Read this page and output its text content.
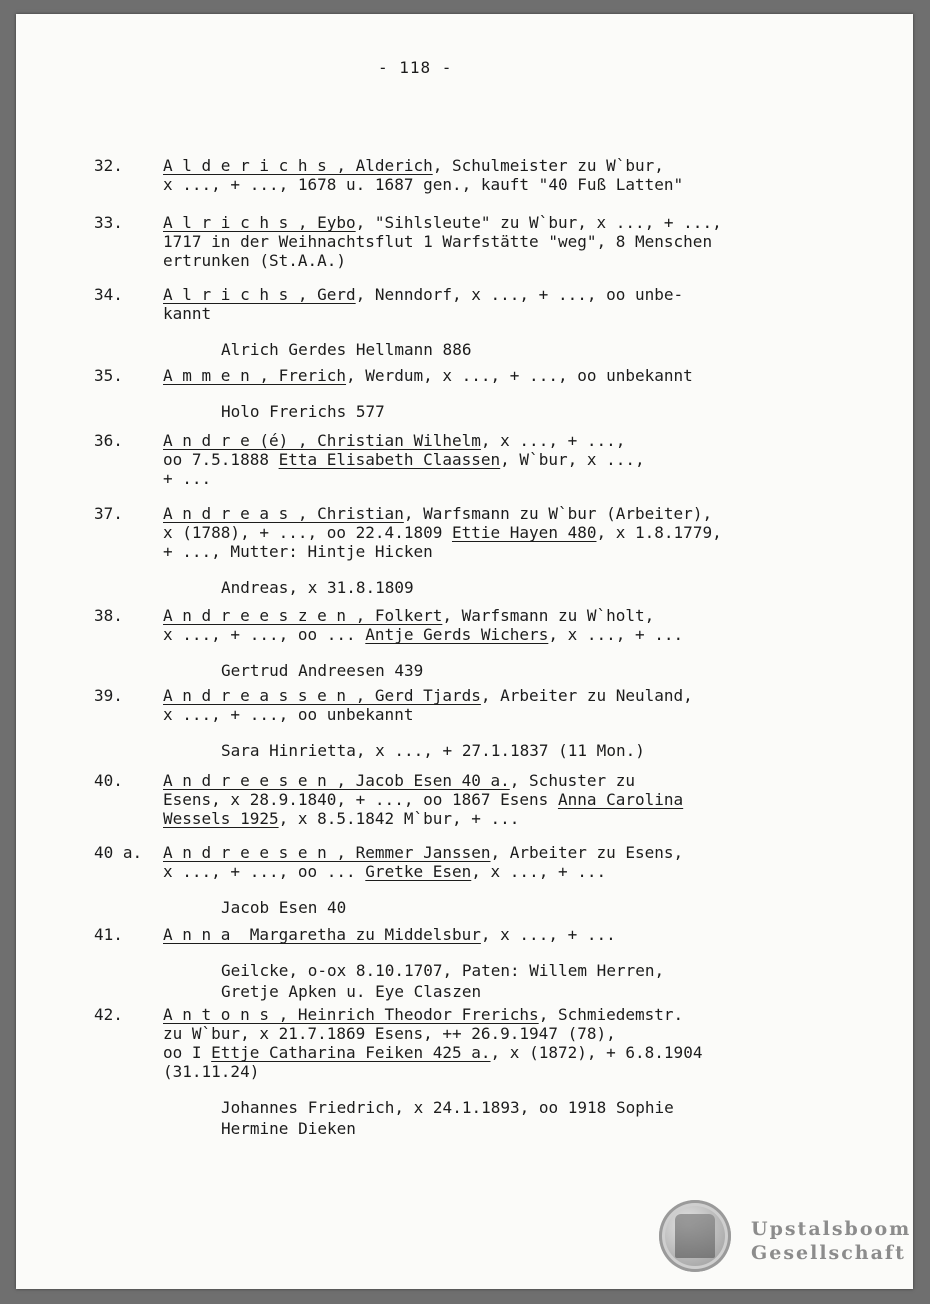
- 118 -
32.	A l d e r i c h s , Alderich, Schulmeister zu W`bur,
x ..., + ..., 1678 u. 1687 gen., kauft "40 Fuß Latten"
33.	A l r i c h s , Eybo, "Sihlsleute" zu W`bur, x ..., + ...,
1717 in der Weihnachtsflut 1 Warfstätte "weg", 8 Menschen
ertrunken (St.A.A.)
34.	A l r i c h s , Gerd, Nenndorf, x ..., + ..., oo unbe-
kannt
Alrich Gerdes Hellmann 886
35.	A m m e n , Frerich, Werdum, x ..., + ..., oo unbekannt
Holo Frerichs 577
36.	A n d r e (é) , Christian Wilhelm, x ..., + ...,
oo 7.5.1888 Etta Elisabeth Claassen, W`bur, x ...,
+ ...
37.	A n d r e a s , Christian, Warfsmann zu W`bur (Arbeiter),
x (1788), + ..., oo 22.4.1809 Ettie Hayen 480, x 1.8.1779,
+ ..., Mutter: Hintje Hicken
Andreas, x 31.8.1809
38.	A n d r e e s z e n , Folkert, Warfsmann zu W`holt,
x ..., + ..., oo ... Antje Gerds Wichers, x ..., + ...
Gertrud Andreesen 439
39.	A n d r e a s s e n , Gerd Tjards, Arbeiter zu Neuland,
x ..., + ..., oo unbekannt
Sara Hinrietta, x ..., + 27.1.1837 (11 Mon.)
40.	A n d r e e s e n , Jacob Esen 40 a., Schuster zu
Esens, x 28.9.1840, + ..., oo 1867 Esens Anna Carolina
Wessels 1925, x 8.5.1842 M`bur, + ...
40 a. A n d r e e s e n , Remmer Janssen, Arbeiter zu Esens,
x ..., + ..., oo ... Gretke Esen, x ..., + ...
Jacob Esen 40
41.	A n n a  Margaretha zu Middelsbur, x ..., + ...
Geilcke, o-ox 8.10.1707, Paten: Willem Herren,
Gretje Apken u. Eye Claszen
42.	A n t o n s , Heinrich Theodor Frerichs, Schmiedemstr.
zu W`bur, x 21.7.1869 Esens, ++ 26.9.1947 (78),
oo I Ettje Catharina Feiken 425 a., x (1872), + 6.8.1904
(31.11.24)
Johannes Friedrich, x 24.1.1893, oo 1918 Sophie
Hermine Dieken
Upstalsboom
Gesellschaft
